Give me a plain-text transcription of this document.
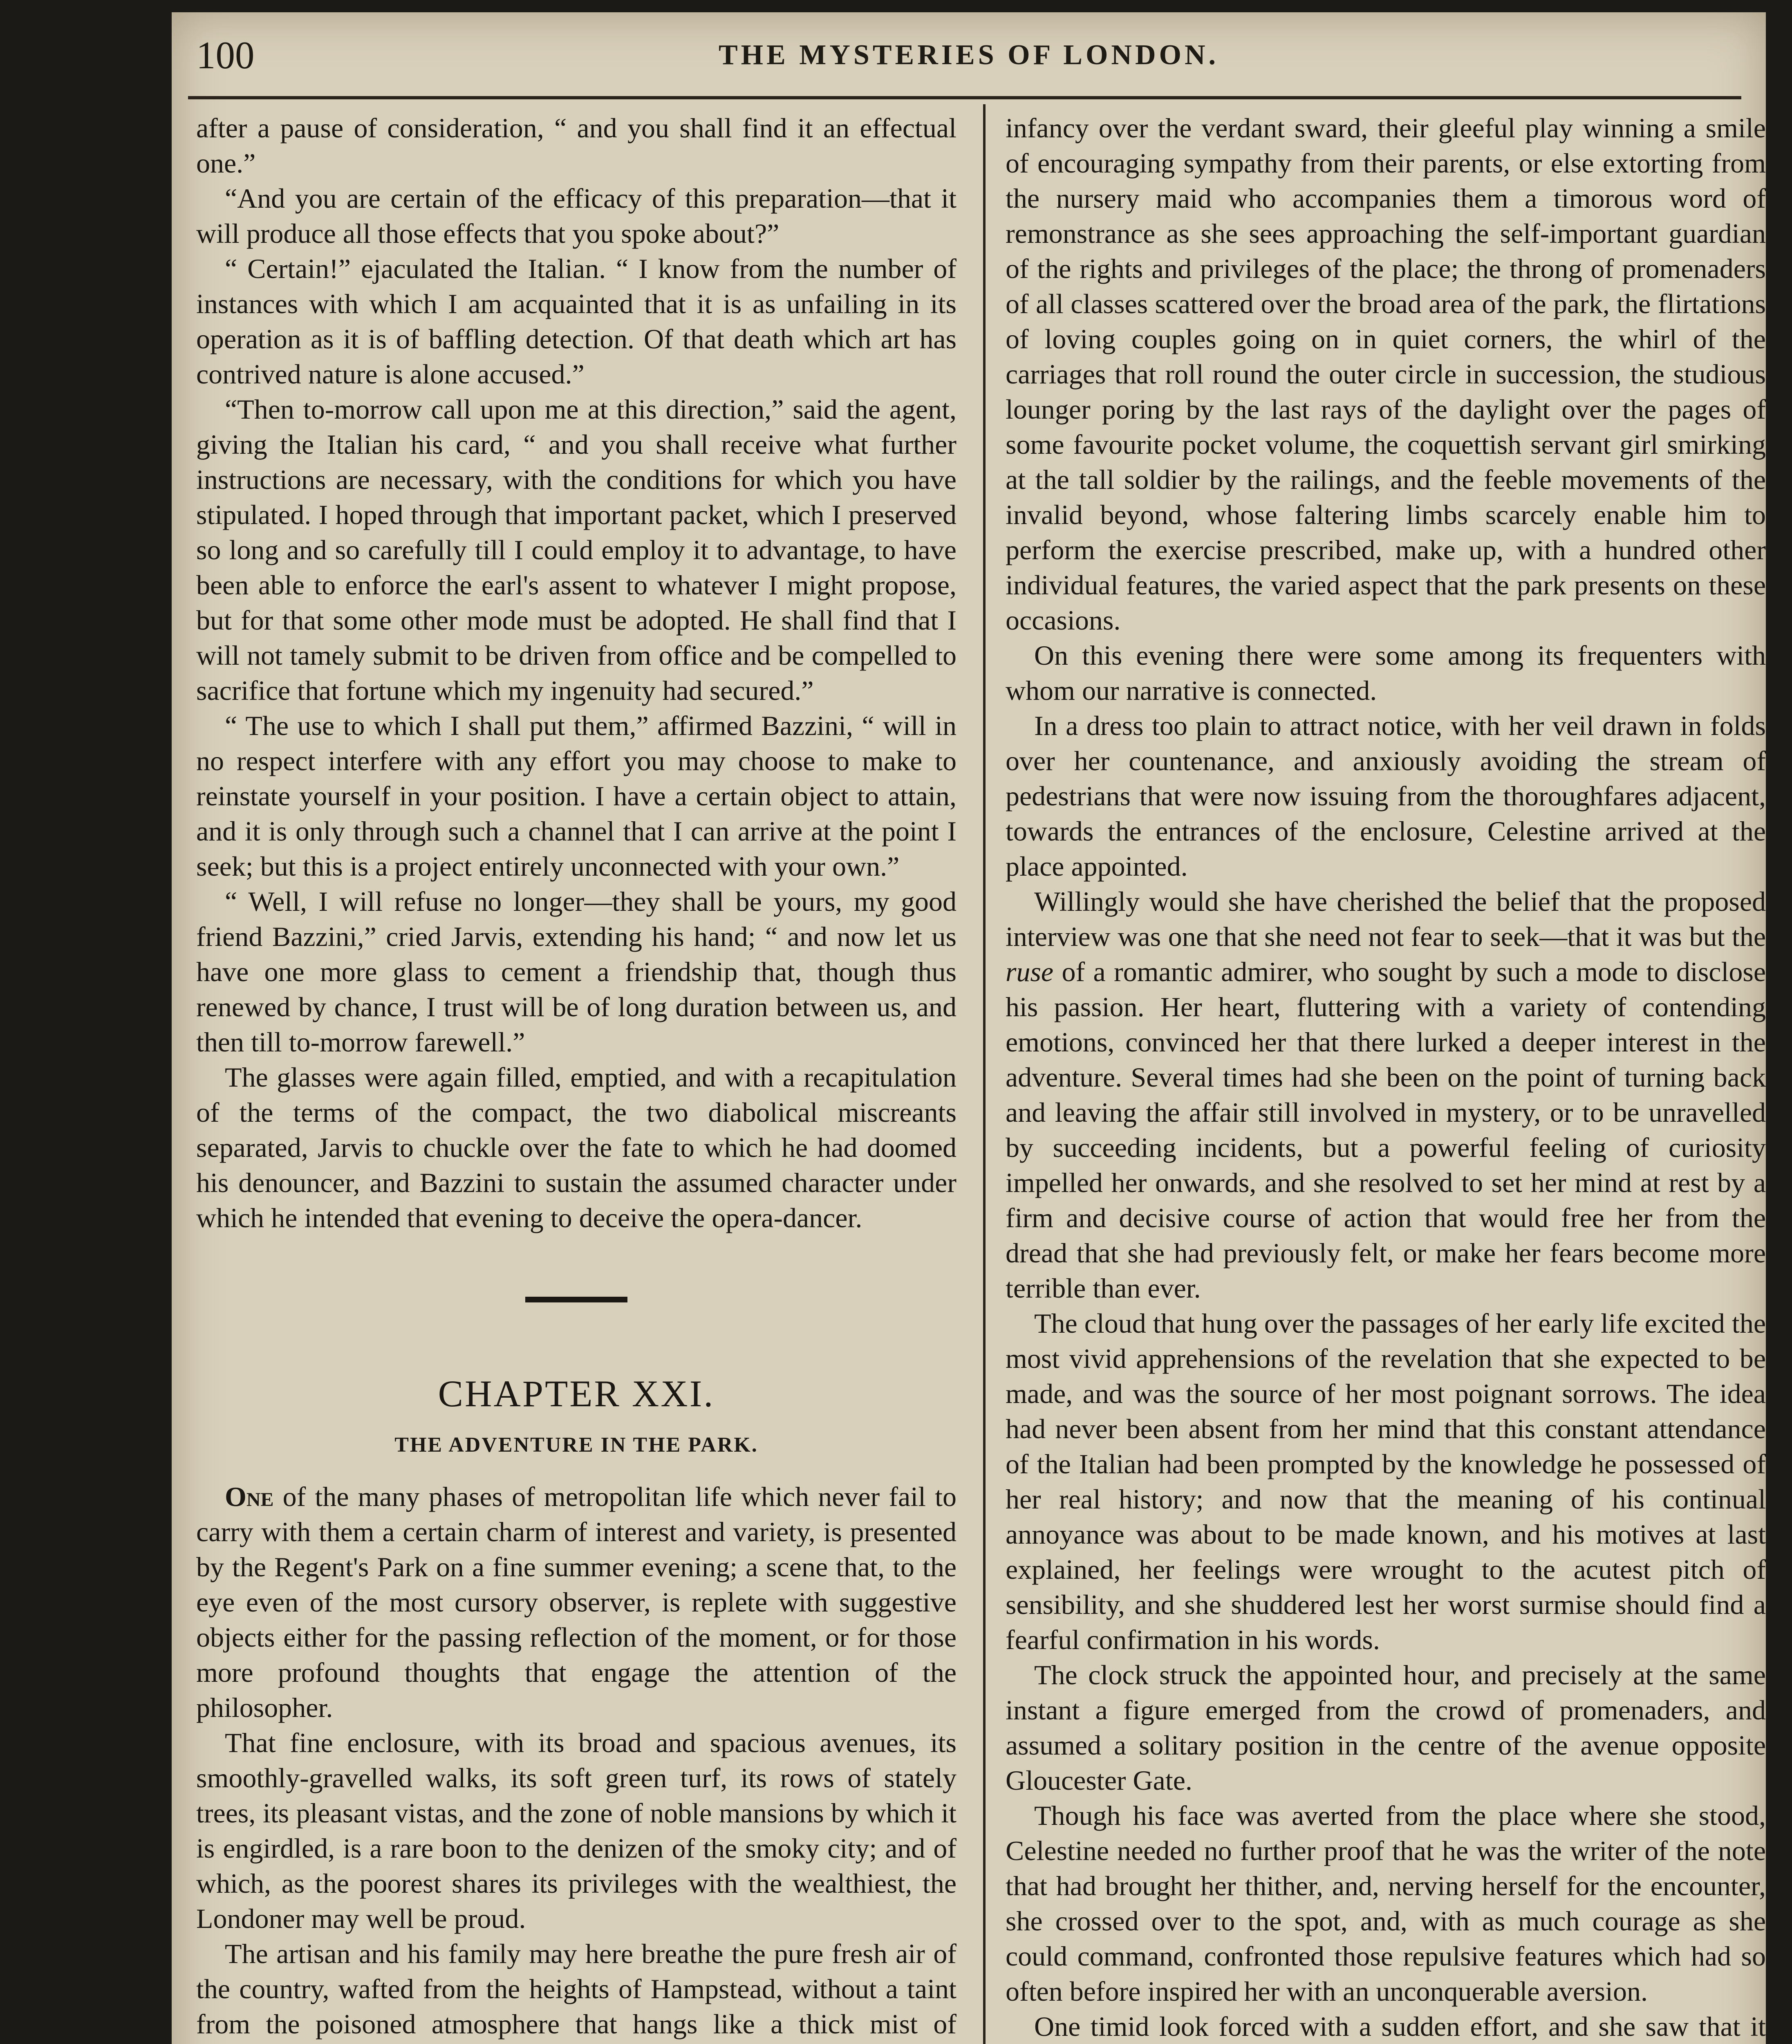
100	THE MYSTERIES OF LONDON.

after a pause of consideration, “ and you shall find it an effectual one.”

“And you are certain of the efficacy of this preparation—that it will produce all those effects that you spoke about?”

“ Certain!” ejaculated the Italian. “ I know from the number of instances with which I am acquainted that it is as unfailing in its operation as it is of baffling detection. Of that death which art has contrived nature is alone accused.”

“Then to-morrow call upon me at this direction,” said the agent, giving the Italian his card, “ and you shall receive what further instructions are necessary, with the conditions for which you have stipulated. I hoped through that important packet, which I preserved so long and so carefully till I could employ it to advantage, to have been able to enforce the earl's assent to whatever I might propose, but for that some other mode must be adopted. He shall find that I will not tamely submit to be driven from office and be compelled to sacrifice that fortune which my ingenuity had secured.”

“ The use to which I shall put them,” affirmed Bazzini, “ will in no respect interfere with any effort you may choose to make to reinstate yourself in your position. I have a certain object to attain, and it is only through such a channel that I can arrive at the point I seek; but this is a project entirely unconnected with your own.”

“ Well, I will refuse no longer—they shall be yours, my good friend Bazzini,” cried Jarvis, extending his hand; “ and now let us have one more glass to cement a friendship that, though thus renewed by chance, I trust will be of long duration between us, and then till to-morrow farewell.”

The glasses were again filled, emptied, and with a recapitulation of the terms of the compact, the two diabolical miscreants separated, Jarvis to chuckle over the fate to which he had doomed his denouncer, and Bazzini to sustain the assumed character under which he intended that evening to deceive the opera-dancer.

CHAPTER XXI.
THE ADVENTURE IN THE PARK.

One of the many phases of metropolitan life which never fail to carry with them a certain charm of interest and variety, is presented by the Regent's Park on a fine summer evening; a scene that, to the eye even of the most cursory observer, is replete with suggestive objects either for the passing reflection of the moment, or for those more profound thoughts that engage the attention of the philosopher.

That fine enclosure, with its broad and spacious avenues, its smoothly-gravelled walks, its soft green turf, its rows of stately trees, its pleasant vistas, and the zone of noble mansions by which it is engirdled, is a rare boon to the denizen of the smoky city; and of which, as the poorest shares its privileges with the wealthiest, the Londoner may well be proud.

The artisan and his family may here breathe the pure fresh air of the country, wafted from the heights of Hampstead, without a taint from the poisoned atmosphere that hangs like a thick mist of

infancy over the verdant sward, their gleeful play winning a smile of encouraging sympathy from their parents, or else extorting from the nursery maid who accompanies them a timorous word of remonstrance as she sees approaching the self-important guardian of the rights and privileges of the place; the throng of promenaders of all classes scattered over the broad area of the park, the flirtations of loving couples going on in quiet corners, the whirl of the carriages that roll round the outer circle in succession, the studious lounger poring by the last rays of the daylight over the pages of some favourite pocket volume, the coquettish servant girl smirking at the tall soldier by the railings, and the feeble movements of the invalid beyond, whose faltering limbs scarcely enable him to perform the exercise prescribed, make up, with a hundred other individual features, the varied aspect that the park presents on these occasions.

On this evening there were some among its frequenters with whom our narrative is connected.

In a dress too plain to attract notice, with her veil drawn in folds over her countenance, and anxiously avoiding the stream of pedestrians that were now issuing from the thoroughfares adjacent, towards the entrances of the enclosure, Celestine arrived at the place appointed.

Willingly would she have cherished the belief that the proposed interview was one that she need not fear to seek—that it was but the ruse of a romantic admirer, who sought by such a mode to disclose his passion. Her heart, fluttering with a variety of contending emotions, convinced her that there lurked a deeper interest in the adventure. Several times had she been on the point of turning back and leaving the affair still involved in mystery, or to be unravelled by succeeding incidents, but a powerful feeling of curiosity impelled her onwards, and she resolved to set her mind at rest by a firm and decisive course of action that would free her from the dread that she had previously felt, or make her fears become more terrible than ever.

The cloud that hung over the passages of her early life excited the most vivid apprehensions of the revelation that she expected to be made, and was the source of her most poignant sorrows. The idea had never been absent from her mind that this constant attendance of the Italian had been prompted by the knowledge he possessed of her real history; and now that the meaning of his continual annoyance was about to be made known, and his motives at last explained, her feelings were wrought to the acutest pitch of sensibility, and she shuddered lest her worst surmise should find a fearful confirmation in his words.

The clock struck the appointed hour, and precisely at the same instant a figure emerged from the crowd of promenaders, and assumed a solitary position in the centre of the avenue opposite Gloucester Gate.

Though his face was averted from the place where she stood, Celestine needed no further proof that he was the writer of the note that had brought her thither, and, nerving herself for the encounter, she crossed over to the spot, and, with as much courage as she could command, confronted those repulsive features which had so often before inspired her with an unconquerable aversion.

One timid look forced with a sudden effort, and she saw that it
